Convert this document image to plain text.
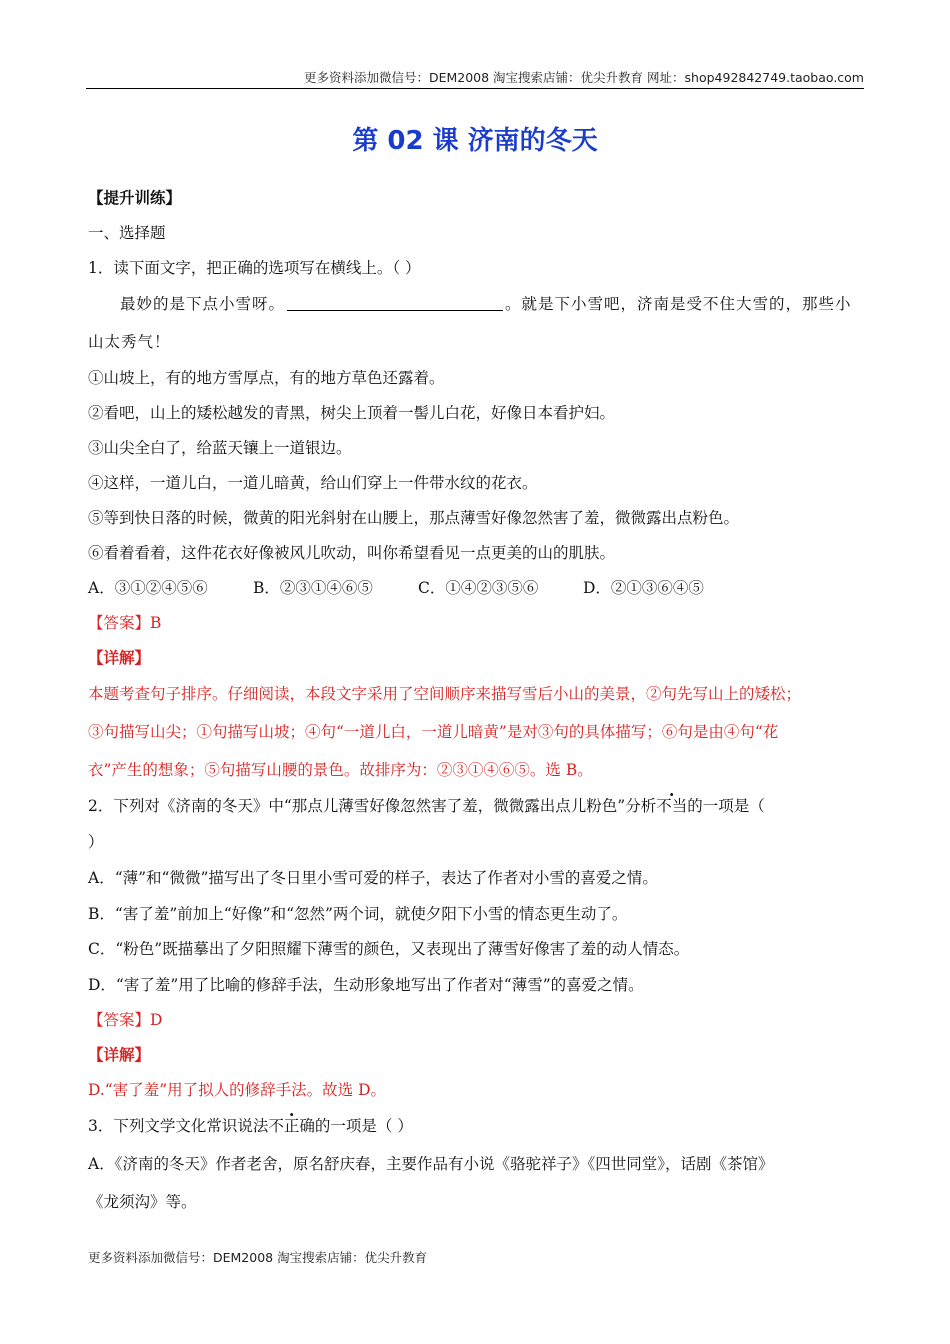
更多资料添加微信号：DEM2008 淘宝搜索店铺：优尖升教育 网址：shop492842749.taobao.com
第 02 课 济南的冬天
【提升训练】
一、选择题
1．读下面文字，把正确的选项写在横线上。（ ）
最妙的是下点小雪呀。	。就是下小雪吧，济南是受不住大雪的，那些小
山太秀气！
①山坡上，有的地方雪厚点，有的地方草色还露着。
②看吧，山上的矮松越发的青黑，树尖上顶着一髻儿白花，好像日本看护妇。
③山尖全白了，给蓝天镶上一道银边。
④这样，一道儿白，一道儿暗黄，给山们穿上一件带水纹的花衣。
⑤等到快日落的时候，微黄的阳光斜射在山腰上，那点薄雪好像忽然害了羞，微微露出点粉色。
⑥看着看着，这件花衣好像被风儿吹动，叫你希望看见一点更美的山的肌肤。
A．③①②④⑤⑥	B．②③①④⑥⑤	C．①④②③⑤⑥	D．②①③⑥④⑤
【答案】B
【详解】
本题考查句子排序。仔细阅读，本段文字采用了空间顺序来描写雪后小山的美景，②句先写山上的矮松；
③句描写山尖；①句描写山坡；④句“一道儿白，一道儿暗黄”是对③句的具体描写；⑥句是由④句“花
衣”产生的想象；⑤句描写山腰的景色。故排序为：②③①④⑥⑤。选 B。
2．下列对《济南的冬天》中“那点儿薄雪好像忽然害了羞，微微露出点儿粉色”分析不当的一项是（
）
A．“薄”和“微微”描写出了冬日里小雪可爱的样子，表达了作者对小雪的喜爱之情。
B．“害了羞”前加上“好像”和“忽然”两个词，就使夕阳下小雪的情态更生动了。
C．“粉色”既描摹出了夕阳照耀下薄雪的颜色，又表现出了薄雪好像害了羞的动人情态。
D．“害了羞”用了比喻的修辞手法，生动形象地写出了作者对“薄雪”的喜爱之情。
【答案】D
【详解】
D.“害了羞”用了拟人的修辞手法。故选 D。
3．下列文学文化常识说法不正确的一项是（ ）
A．《济南的冬天》作者老舍，原名舒庆春，主要作品有小说《骆驼祥子》《四世同堂》，话剧《茶馆》
《龙须沟》等。
更多资料添加微信号：DEM2008 淘宝搜索店铺：优尖升教育
